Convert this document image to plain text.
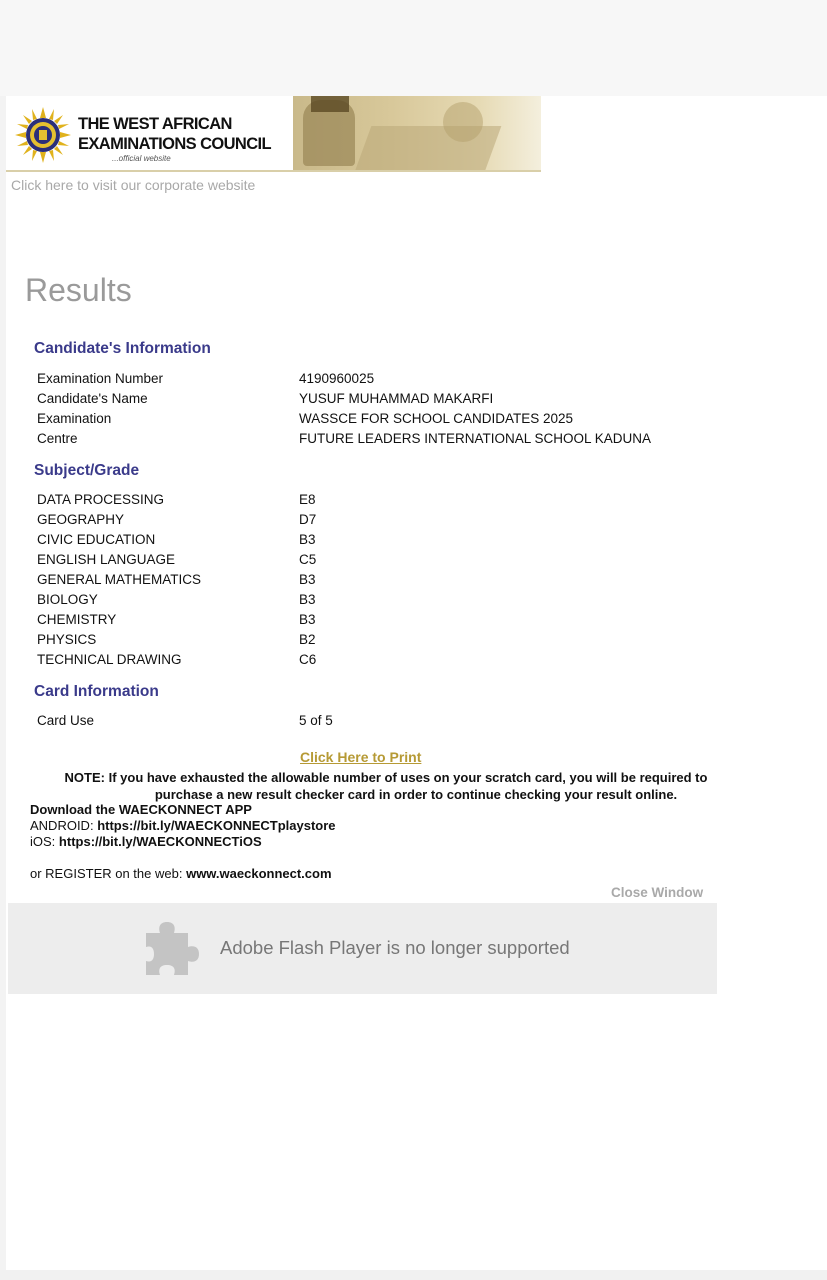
THE WEST AFRICAN
EXAMINATIONS COUNCIL
...official website
Click here to visit our corporate website
Results
Candidate's Information
Examination Number	4190960025
Candidate's Name	YUSUF MUHAMMAD MAKARFI
Examination	WASSCE FOR SCHOOL CANDIDATES 2025
Centre	FUTURE LEADERS INTERNATIONAL SCHOOL KADUNA
Subject/Grade
DATA PROCESSING	E8
GEOGRAPHY	D7
CIVIC EDUCATION	B3
ENGLISH LANGUAGE	C5
GENERAL MATHEMATICS	B3
BIOLOGY	B3
CHEMISTRY	B3
PHYSICS	B2
TECHNICAL DRAWING	C6
Card Information
Card Use	5 of 5
Click Here to Print
NOTE: If you have exhausted the allowable number of uses on your scratch card, you will be required to
purchase a new result checker card in order to continue checking your result online.
Download the WAECKONNECT APP
ANDROID: https://bit.ly/WAECKONNECTplaystore
iOS: https://bit.ly/WAECKONNECTiOS
or REGISTER on the web: www.waeckonnect.com
Close Window
Adobe Flash Player is no longer supported
